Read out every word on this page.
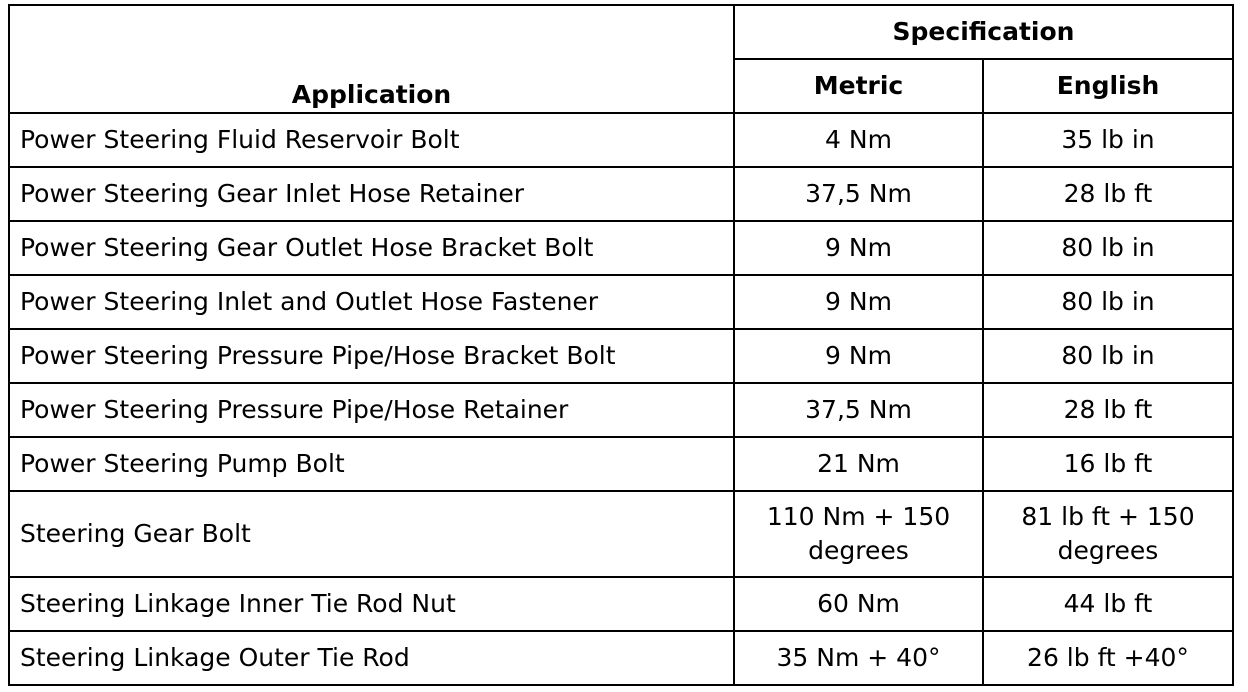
Application	Specification	
	Metric	English
Power Steering Fluid Reservoir Bolt	4 Nm	35 lb in
Power Steering Gear Inlet Hose Retainer	37,5 Nm	28 lb ft
Power Steering Gear Outlet Hose Bracket Bolt	9 Nm	80 lb in
Power Steering Inlet and Outlet Hose Fastener	9 Nm	80 lb in
Power Steering Pressure Pipe/Hose Bracket Bolt	9 Nm	80 lb in
Power Steering Pressure Pipe/Hose Retainer	37,5 Nm	28 lb ft
Power Steering Pump Bolt	21 Nm	16 lb ft
Steering Gear Bolt	110 Nm + 150 degrees	81 lb ft + 150 degrees
Steering Linkage Inner Tie Rod Nut	60 Nm	44 lb ft
Steering Linkage Outer Tie Rod	35 Nm + 40°	26 lb ft +40°
